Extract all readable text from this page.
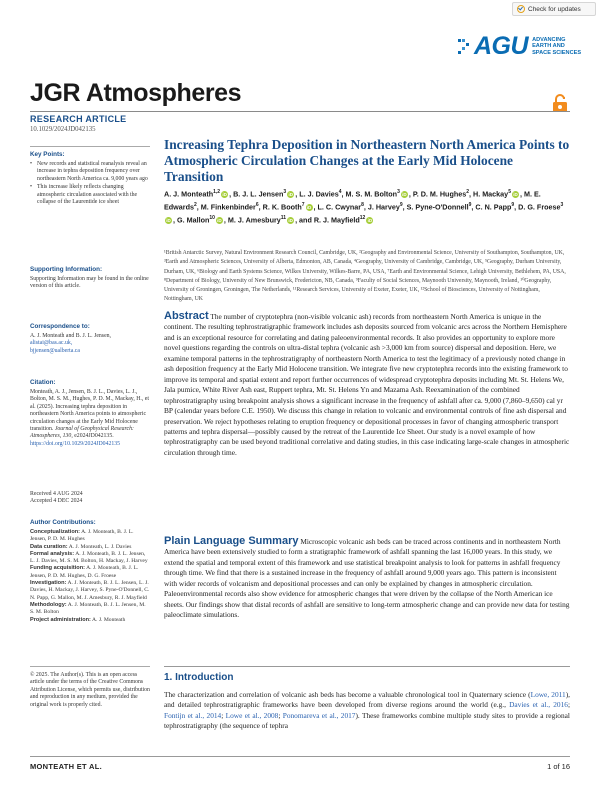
Check for updates
AGU ADVANCING
EARTH AND
SPACE SCIENCES
JGR Atmospheres
RESEARCH ARTICLE
10.1029/2024JD042135
Key Points:
• New records and statistical reanalysis reveal an increase in tephra deposition frequency over northeastern North America ca. 9,000 years ago
• This increase likely reflects changing atmospheric circulation associated with the collapse of the Laurentide ice sheet
Supporting Information:
Supporting Information may be found in the online version of this article.
Correspondence to:
A. J. Monteath and B. J. L. Jensen,
alistai@bas.ac.uk,
bjjensen@ualberta.ca
Citation:
Monteath, A. J., Jensen, B. J. L., Davies, L. J., Bolton, M. S. M., Hughes, P. D. M., Mackay, H., et al. (2025). Increasing tephra deposition in northeastern North America points to atmospheric circulation changes at the Early Mid Holocene transition. Journal of Geophysical Research: Atmospheres, 130, e2024JD042135. https://doi.org/10.1029/2024JD042135
Received 4 AUG 2024
Accepted 4 DEC 2024
Author Contributions:

Conceptualization: A. J. Monteath, B. J. L. Jensen, P. D. M. Hughes

Data curation: A. J. Monteath, L. J. Davies

Formal analysis: A. J. Monteath, B. J. L. Jensen, L. J. Davies, M. S. M. Bolton, H. Mackay, J. Harvey

Funding acquisition: A. J. Monteath, B. J. L. Jensen, P. D. M. Hughes, D. G. Froese

Investigation: A. J. Monteath, B. J. L. Jensen, L. J. Davies, H. Mackay, J. Harvey, S. Pyne-O'Donnell, C. N. Papp, G. Mallon, M. J. Amesbury, R. J. Mayfield

Methodology: A. J. Monteath, B. J. L. Jensen, M. S. M. Bolton

Project administration: A. J. Monteath

© 2025. The Author(s). This is an open access article under the terms of the Creative Commons Attribution License, which permits use, distribution and reproduction in any medium, provided the original work is properly cited.
Increasing Tephra Deposition in Northeastern North America Points to Atmospheric Circulation Changes at the Early Mid Holocene Transition
A. J. Monteath$^{1,2}$ iD , B. J. L. Jensen$^3$ iD , L. J. Davies$^4$, M. S. M. Bolton$^3$ iD , P. D. M. Hughes$^2$, H. Mackay$^5$ iD , M. E. Edwards$^2$, M. Finkenbinder$^6$, R. K. Booth$^7$ iD , L. C. Cwynar$^8$, J. Harvey$^9$, S. Pyne-O'Donnell$^9$, C. N. Papp$^9$, D. G. Froese$^3$iD , G. Mallon$^{10}$ iD , M. J. Amesbury$^{11}$ iD , and R. J. Mayfield$^{12}$ iD
¹British Antarctic Survey, Natural Environment Research Council, Cambridge, UK, ²Geography and Environmental Science, University of Southampton, Southampton, UK, ³Earth and Atmospheric Sciences, University of Alberta, Edmonton, AB, Canada, ⁴Geography, University of Cambridge, Cambridge, UK, ⁵Geography, Durham University, Durham, UK, ⁶Biology and Earth Systems Science, Wilkes University, Wilkes-Barre, PA, USA, ⁷Earth and Environmental Science, Lehigh University, Bethlehem, PA, USA, ⁸Department of Biology, University of New Brunswick, Fredericton, NB, Canada, ⁹Faculty of Social Sciences, Maynooth University, Maynooth, Ireland, ¹⁰Geography, University of Groningen, Groningen, The Netherlands, ¹¹Research Services, University of Exeter, Exeter, UK, ¹²School of Biosciences, University of Nottingham, Nottingham, UK
Abstract The number of cryptotephra (non-visible volcanic ash) records from northeastern North America is unique in the continent. The resulting tephrostratigraphic framework includes ash deposits sourced from volcanic arcs across the Northern Hemisphere and is an exceptional resource for correlating and dating paleoenvironmental records. It also provides an opportunity to explore more novel questions regarding the controls on ultra-distal tephra (volcanic ash >3,000 km from source) dispersal and deposition. Here, we examine temporal patterns in the tephrostratigraphy of northeastern North America to test the legitimacy of a previously noted change in ash deposition frequency at the Early Mid Holocene transition. We integrate five new cryptotephra records into the existing framework to improve its temporal and spatial extent and report further occurrences of widespread cryptotephra deposits including Mt. St. Helens We, Jala pumice, White River Ash east, Ruppert tephra, Mt. St. Helens Yn and Mazama Ash. Reexamination of the combined tephrostratigraphy using breakpoint analysis shows a significant increase in the frequency of ashfall after ca. 9,000 (7,860–9,650) cal yr BP (calendar years before C.E. 1950). We discuss this change in relation to volcanic and environmental controls of fine ash dispersal and preservation. We reject hypotheses relating to eruption frequency or depositional processes in favor of changing atmospheric transport patterns and tephra dispersal—possibly caused by the retreat of the Laurentide Ice Sheet. Our study is a novel example of how tephrostratigraphy can be used beyond traditional correlative and dating studies, in this case indicating large-scale changes in atmospheric circulation through time.
Plain Language Summary Microscopic volcanic ash beds can be traced across continents and in northeastern North America have been extensively studied to form a stratigraphic framework of ashfall spanning the last 16,000 years. In this study, we extend the spatial and temporal extent of this framework and use statistical breakpoint analysis to look for patterns in ashfall frequency through time. We find that there is a sustained increase in the frequency of ashfall around 9,000 years ago. This pattern is inconsistent with wider records of volcanism and depositional processes and can only be explained by changes in atmospheric circulation. Paleoenvironmental records also show evidence for atmospheric changes that were driven by the collapse of the North American ice sheets. Our findings show that distal records of ashfall are sensitive to long-term atmospheric change and can provide new data for testing paleoclimate simulations.
1. Introduction
The characterization and correlation of volcanic ash beds has become a valuable chronological tool in Quaternary science (Lowe, 2011), and detailed tephrostratigraphic frameworks have been developed from diverse regions around the world (e.g., Davies et al., 2016; Fontijn et al., 2014; Lowe et al., 2008; Ponomareva et al., 2017). These frameworks combine multiple study sites to provide a regional tephrostratigraphy (the sequence of tephra
MONTEATH ET AL.	1 of 16
